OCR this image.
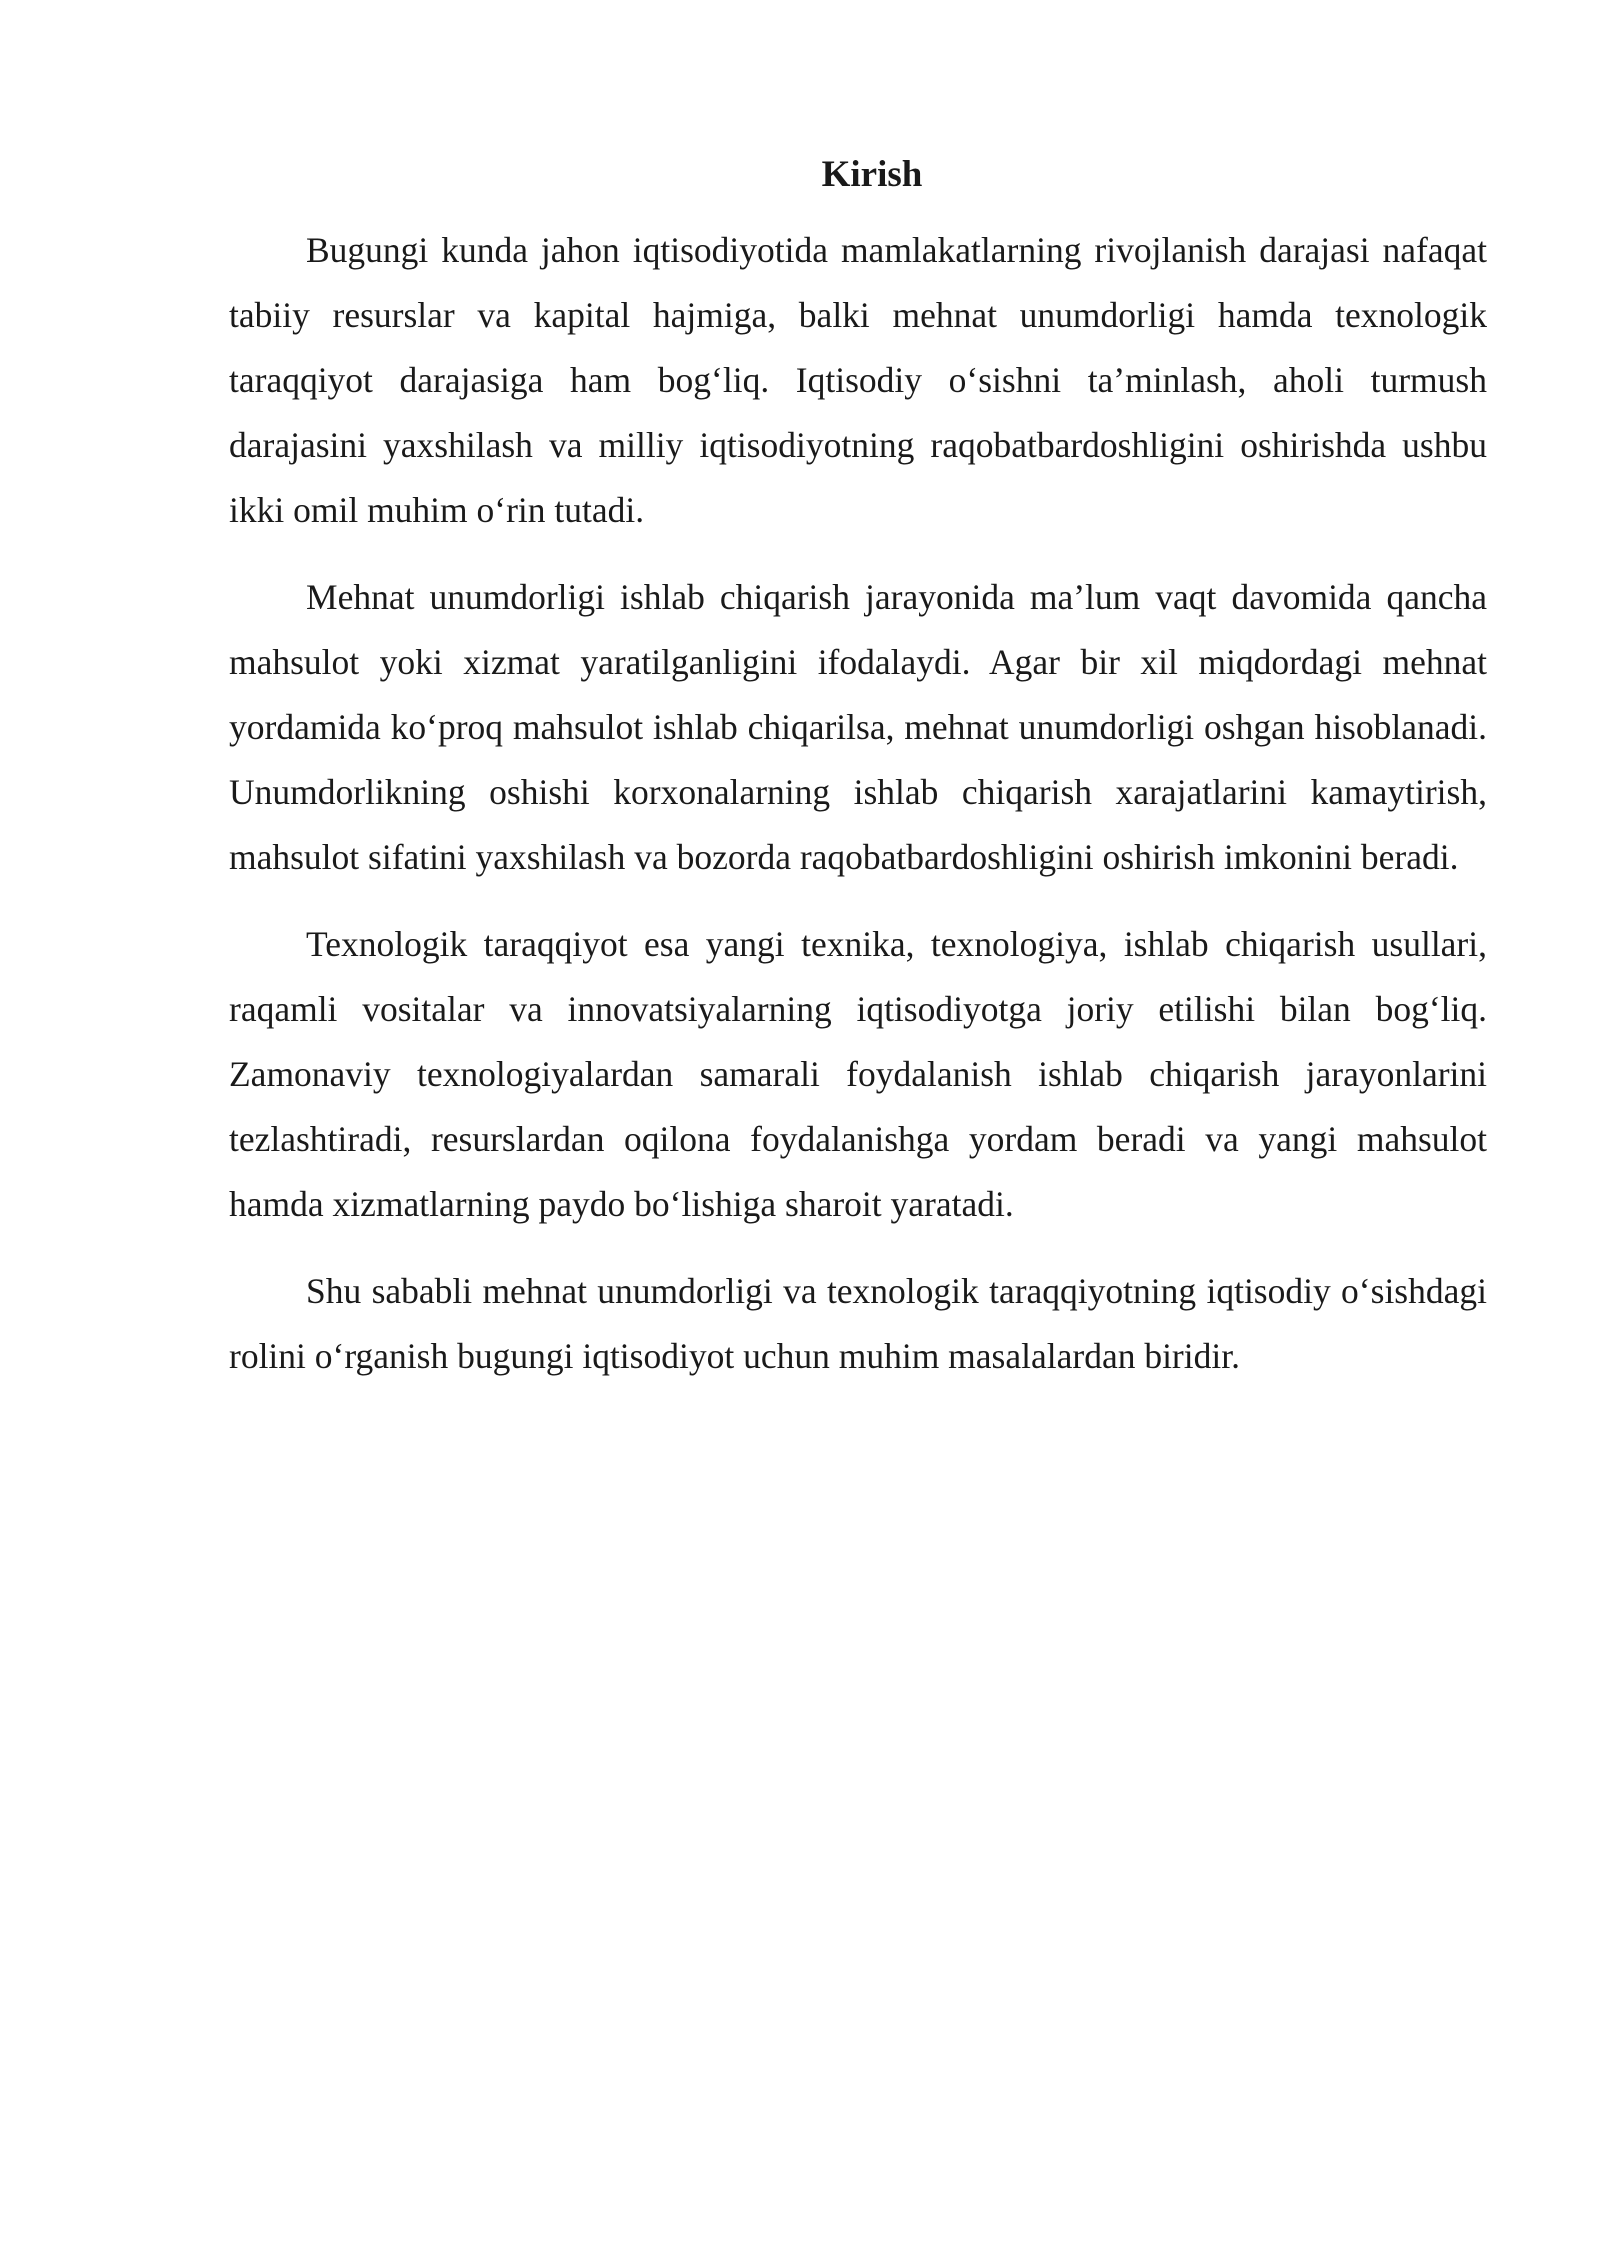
Kirish

Bugungi kunda jahon iqtisodiyotida mamlakatlarning rivojlanish darajasi nafaqat tabiiy resurslar va kapital hajmiga, balki mehnat unumdorligi hamda texnologik taraqqiyot darajasiga ham bog‘liq. Iqtisodiy o‘sishni ta’minlash, aholi turmush darajasini yaxshilash va milliy iqtisodiyotning raqobatbardoshligini oshirishda ushbu ikki omil muhim o‘rin tutadi.

Mehnat unumdorligi ishlab chiqarish jarayonida ma’lum vaqt davomida qancha mahsulot yoki xizmat yaratilganligini ifodalaydi. Agar bir xil miqdordagi mehnat yordamida ko‘proq mahsulot ishlab chiqarilsa, mehnat unumdorligi oshgan hisoblanadi. Unumdorlikning oshishi korxonalarning ishlab chiqarish xarajatlarini kamaytirish, mahsulot sifatini yaxshilash va bozorda raqobatbardoshligini oshirish imkonini beradi.

Texnologik taraqqiyot esa yangi texnika, texnologiya, ishlab chiqarish usullari, raqamli vositalar va innovatsiyalarning iqtisodiyotga joriy etilishi bilan bog‘liq. Zamonaviy texnologiyalardan samarali foydalanish ishlab chiqarish jarayonlarini tezlashtiradi, resurslardan oqilona foydalanishga yordam beradi va yangi mahsulot hamda xizmatlarning paydo bo‘lishiga sharoit yaratadi.

Shu sababli mehnat unumdorligi va texnologik taraqqiyotning iqtisodiy o‘sishdagi rolini o‘rganish bugungi iqtisodiyot uchun muhim masalalardan biridir.
